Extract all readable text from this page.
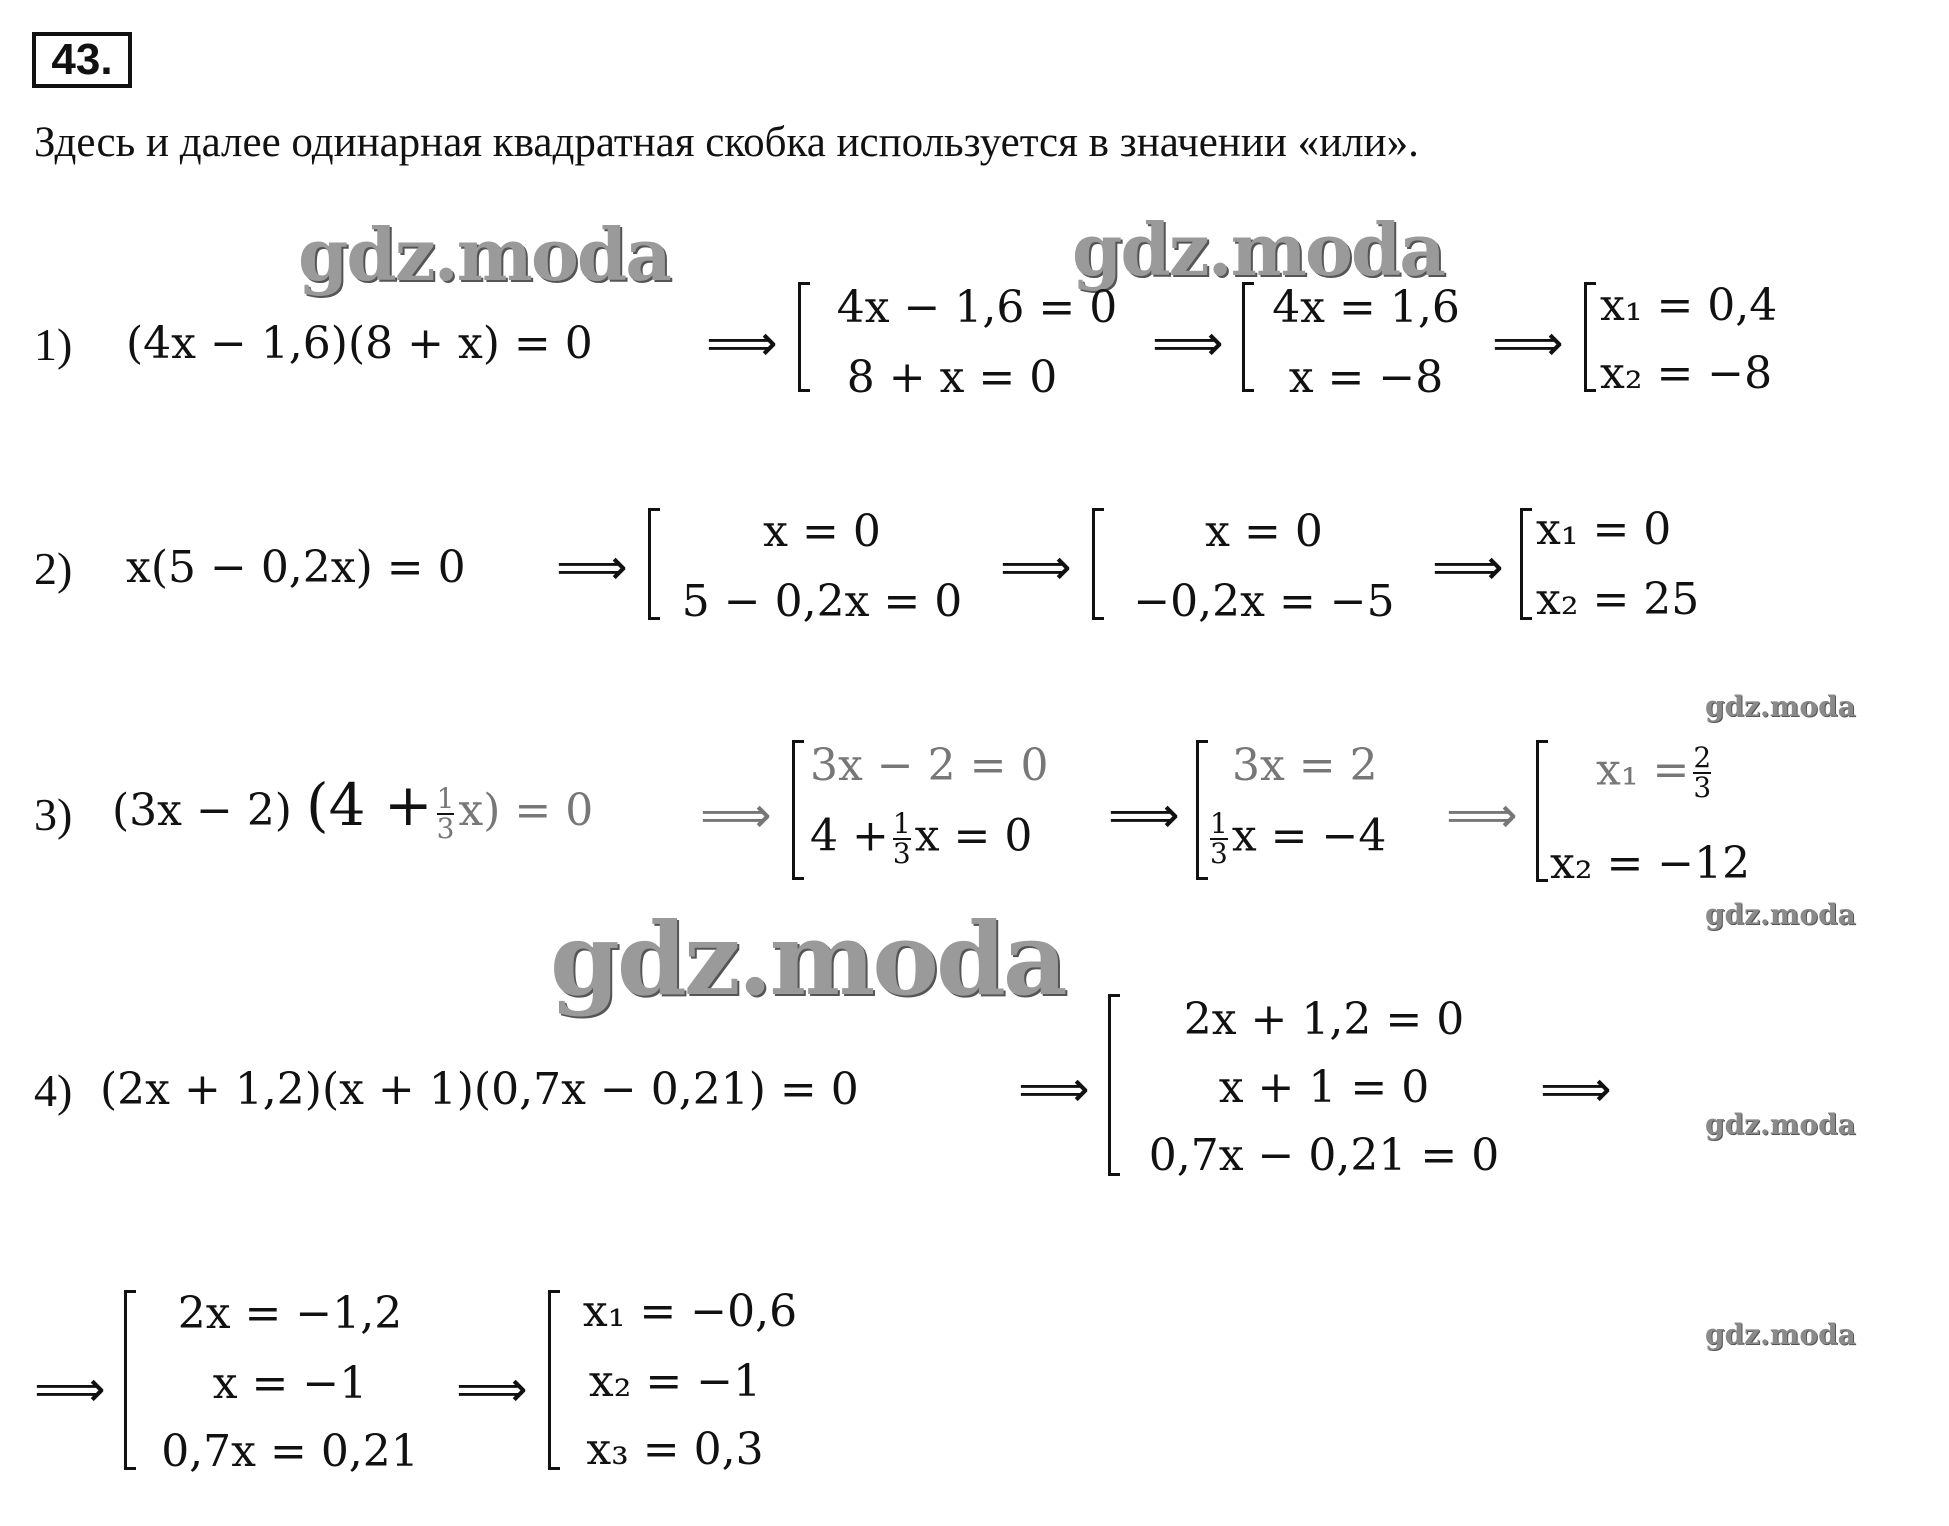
43.
Здесь и далее одинарная квадратная скобка используется в значении «или».
gdz.moda	gdz.moda
gdz.moda
gdz.moda
gdz.moda
gdz.moda
gdz.moda
1) (4x − 1,6)(8 + x) = 0 ⟹
4x − 1,6 = 0
8 + x = 0
⟹
4x = 1,6
x = −8
⟹
x₁ = 0,4
x₂ = −8
2) x(5 − 0,2x) = 0 ⟹
x = 0
5 − 0,2x = 0
⟹
x = 0
−0,2x = −5
⟹
x₁ = 0
x₂ = 25
3) (3x − 2) $(4 + \frac{1}{3} x) = 0$ ⟹
3x − 2 = 0
$4 + \frac{1}{3}$ x = 0 ⟹
3x = 2
$\frac{1}{3}$ x = −4 ⟹
$x_1 = \frac{2}{3}$
x₂ = −12
4) (2x + 1,2)(x + 1)(0,7x − 0,21) = 0	⟹
2x + 1,2 = 0
x + 1 = 0
0,7x − 0,21 = 0
⟹
⟹
2x = −1,2
x = −1
0,7x = 0,21
⟹
x₁ = −0,6
x₂ = −1
x₃ = 0,3
